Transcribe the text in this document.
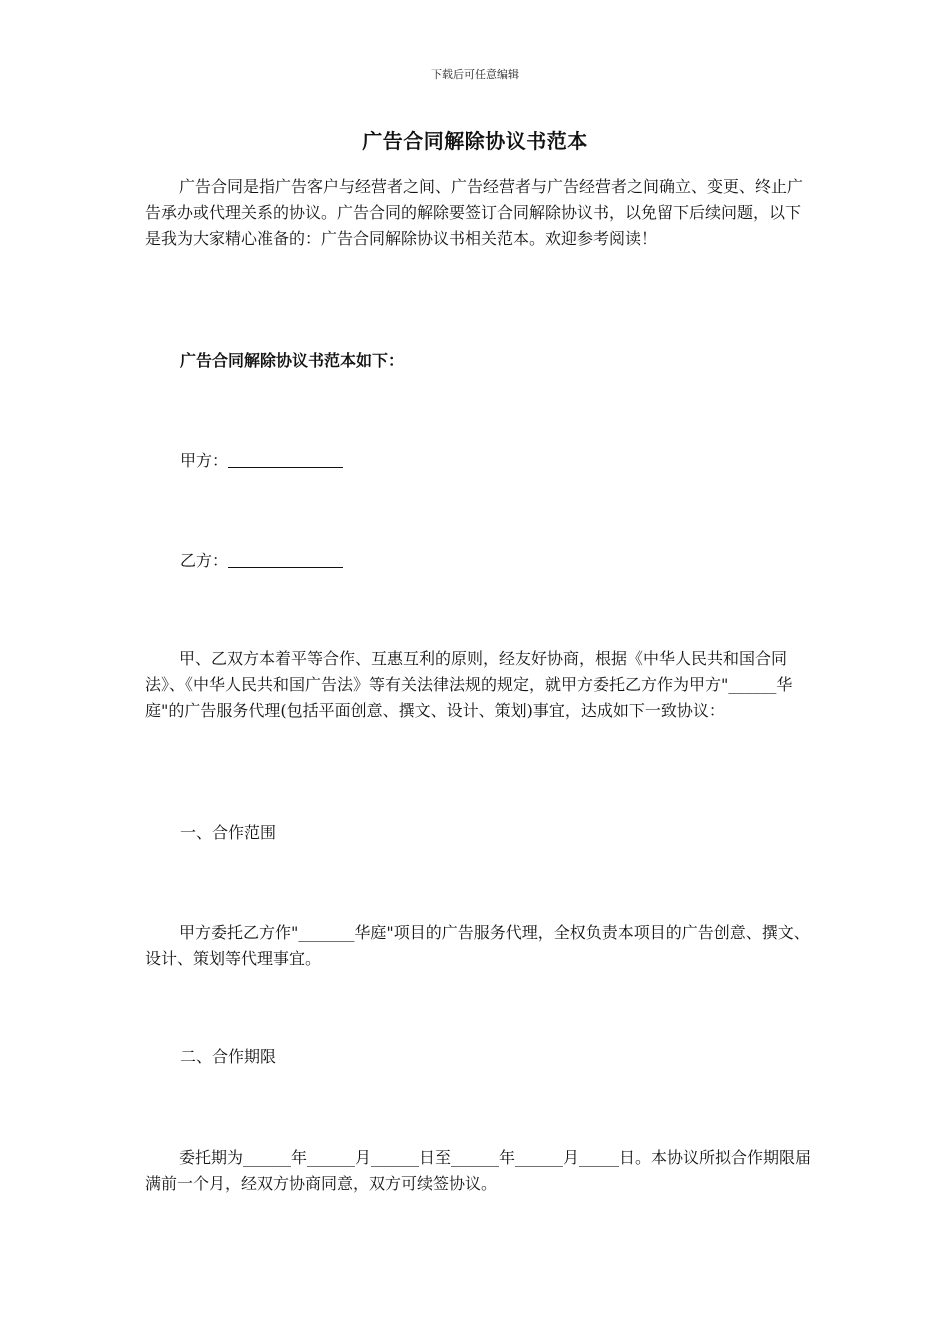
下载后可任意编辑
广告合同解除协议书范本

广告合同是指广告客户与经营者之间、广告经营者与广告经营者之间确立、变更、终止广告承办或代理关系的协议。广告合同的解除要签订合同解除协议书，以免留下后续问题，以下是我为大家精心准备的：广告合同解除协议书相关范本。欢迎参考阅读！

广告合同解除协议书范本如下：

甲方：
乙方：

甲、乙双方本着平等合作、互惠互利的原则，经友好协商，根据《中华人民共和国合同法》、《中华人民共和国广告法》等有关法律法规的规定，就甲方委托乙方作为甲方"______华庭"的广告服务代理(包括平面创意、撰文、设计、策划)事宜，达成如下一致协议：

一、合作范围

甲方委托乙方作"_______华庭"项目的广告服务代理，全权负责本项目的广告创意、撰文、设计、策划等代理事宜。

二、合作期限

委托期为______年______月______日至______年______月_____日。本协议所拟合作期限届满前一个月，经双方协商同意，双方可续签协议。
